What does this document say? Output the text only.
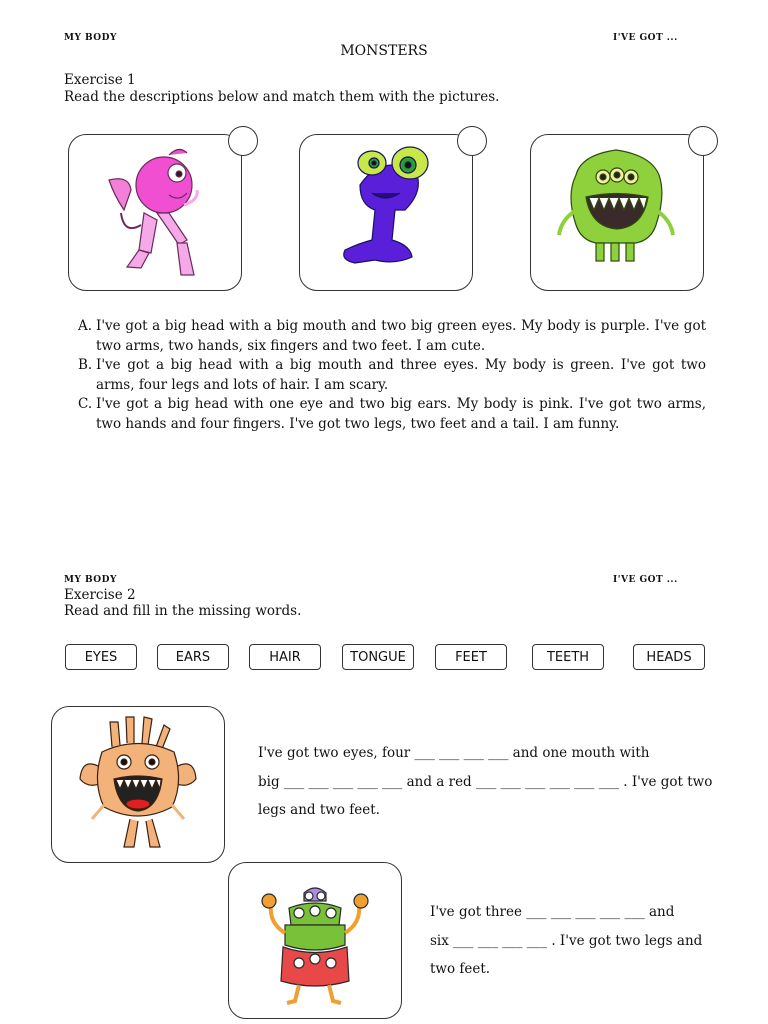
MY BODY	I'VE GOT ...
MONSTERS
Exercise 1
Read the descriptions below and match them with the pictures.
A. I've got a big head with a big mouth and two big green eyes. My body is purple. I've got two arms, two hands, six fingers and two feet. I am cute.
B. I've got a big head with a big mouth and three eyes. My body is green. I've got two arms, four legs and lots of hair. I am scary.
C. I've got a big head with one eye and two big ears. My body is pink. I've got two arms, two hands and four fingers. I've got two legs, two feet and a tail. I am funny.
MY BODY	I'VE GOT ...
Exercise 2
Read and fill in the missing words.
EYES	EARS	HAIR	TONGUE	FEET	TEETH	HEADS
I've got two eyes, four ___ ___ ___ ___ and one mouth with
big ___ ___ ___ ___ ___ and a red ___ ___ ___ ___ ___ ___ . I've got two
legs and two feet.
I've got three ___ ___ ___ ___ ___ and
six ___ ___ ___ ___ . I've got two legs and
two feet.
